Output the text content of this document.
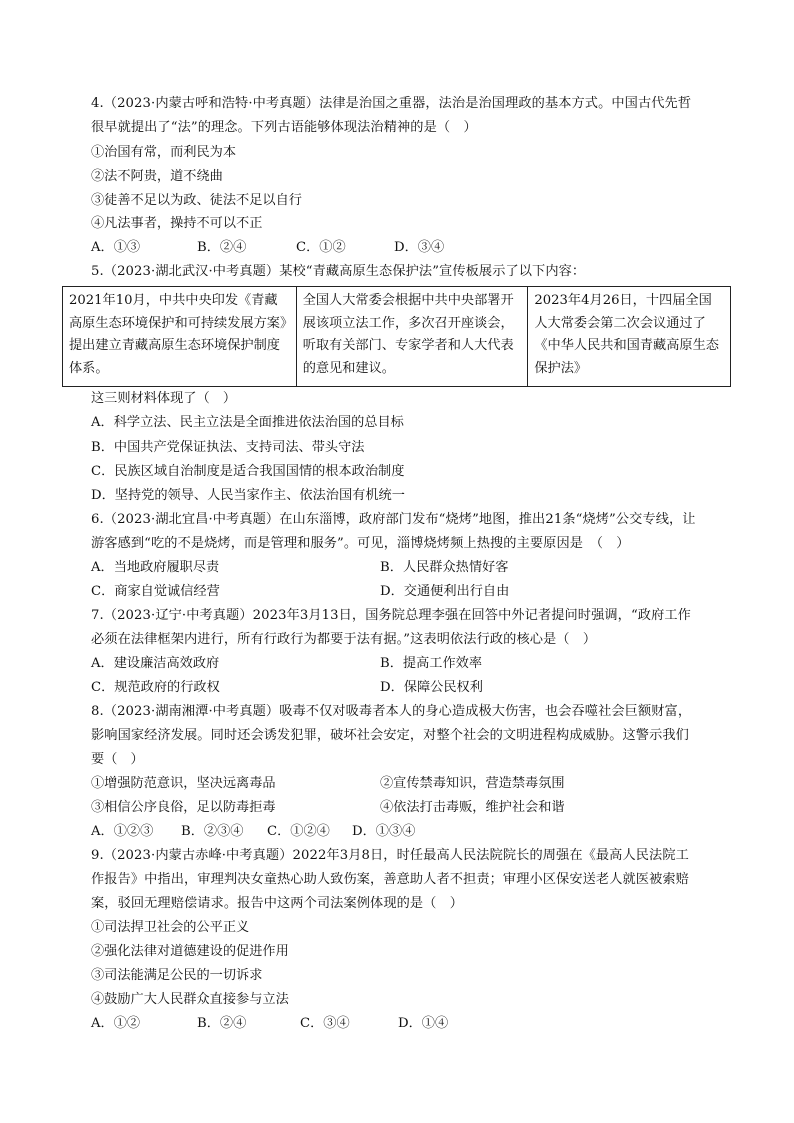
4.（2023·内蒙古呼和浩特·中考真题）法律是治国之重器，法治是治国理政的基本方式。中国古代先哲
很早就提出了“法”的理念。下列古语能够体现法治精神的是（　）
①治国有常，而利民为本
②法不阿贵，道不绕曲
③徒善不足以为政、徒法不足以自行
④凡法事者，操持不可以不正
A．①③	B．②④	C．①②	D．③④
5.（2023·湖北武汉·中考真题）某校“青藏高原生态保护法”宣传板展示了以下内容：
2021年10月，中共中央印发《青藏高原生态环境保护和可持续发展方案》提出建立青藏高原生态环境保护制度体系。	全国人大常委会根据中共中央部署开展该项立法工作，多次召开座谈会，听取有关部门、专家学者和人大代表的意见和建议。	2023年4月26日，十四届全国人大常委会第二次会议通过了《中华人民共和国青藏高原生态保护法》
这三则材料体现了（　）
A．科学立法、民主立法是全面推进依法治国的总目标
B．中国共产党保证执法、支持司法、带头守法
C．民族区域自治制度是适合我国国情的根本政治制度
D．坚持党的领导、人民当家作主、依法治国有机统一
6.（2023·湖北宜昌·中考真题）在山东淄博，政府部门发布“烧烤”地图，推出21条“烧烤”公交专线，让
游客感到“吃的不是烧烤，而是管理和服务”。可见，淄博烧烤频上热搜的主要原因是　（　）
A．当地政府履职尽责	B．人民群众热情好客
C．商家自觉诚信经营	D．交通便利出行自由
7.（2023·辽宁·中考真题）2023年3月13日，国务院总理李强在回答中外记者提问时强调，“政府工作
必须在法律框架内进行，所有行政行为都要于法有据。”这表明依法行政的核心是（　）
A．建设廉洁高效政府	B．提高工作效率
C．规范政府的行政权	D．保障公民权利
8.（2023·湖南湘潭·中考真题）吸毒不仅对吸毒者本人的身心造成极大伤害，也会吞噬社会巨额财富，
影响国家经济发展。同时还会诱发犯罪，破坏社会安定，对整个社会的文明进程构成威胁。这警示我们
要（　）
①增强防范意识，坚决远离毒品	②宣传禁毒知识，营造禁毒氛围
③相信公序良俗，足以防毒拒毒	④依法打击毒贩，维护社会和谐
A．①②③ B．②③④ C．①②④ D．①③④
9.（2023·内蒙古赤峰·中考真题）2022年3月8日，时任最高人民法院院长的周强在《最高人民法院工
作报告》中指出，审理判决女童热心助人致伤案，善意助人者不担责；审理小区保安送老人就医被索赔
案，驳回无理赔偿请求。报告中这两个司法案例体现的是（　）
①司法捍卫社会的公平正义
②强化法律对道德建设的促进作用
③司法能满足公民的一切诉求
④鼓励广大人民群众直接参与立法
A．①②	B．②④	C．③④	D．①④
